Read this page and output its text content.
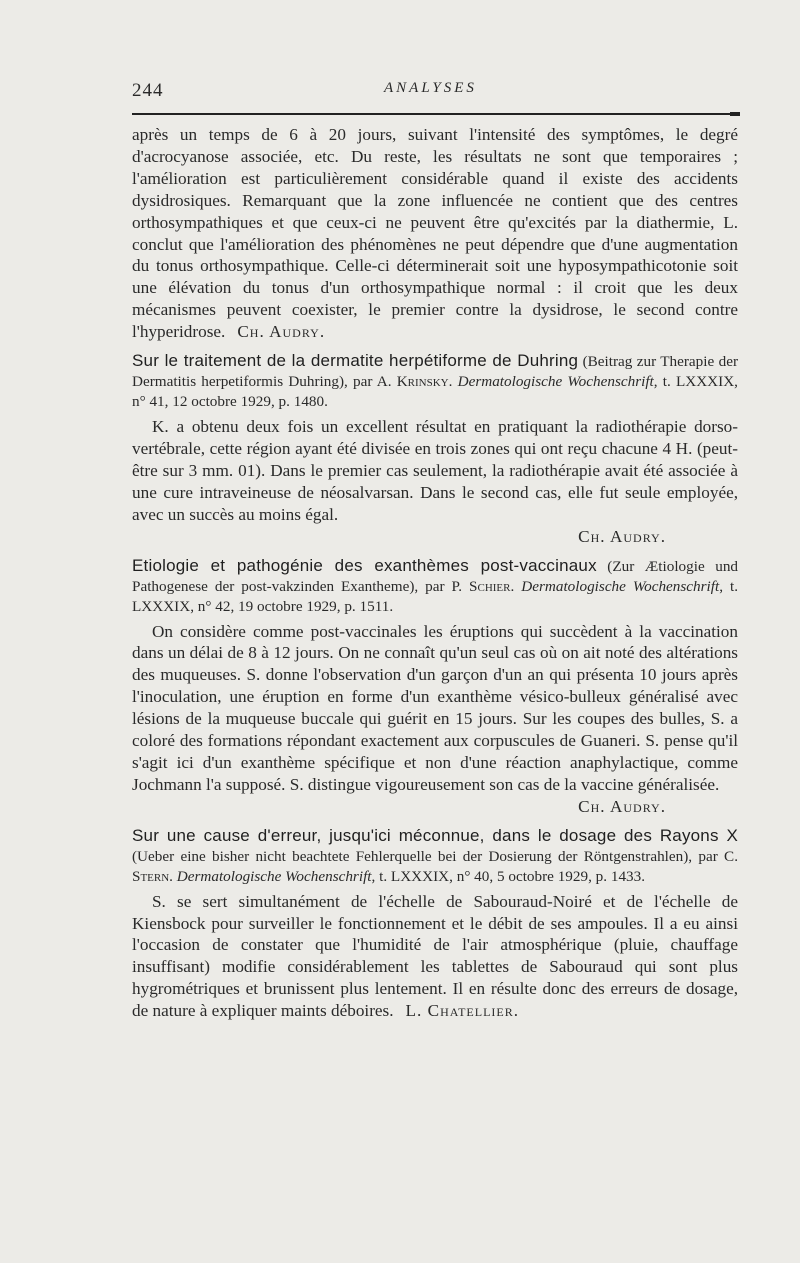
244	ANALYSES

après un temps de 6 à 20 jours, suivant l'intensité des symptômes, le degré d'acrocyanose associée, etc. Du reste, les résultats ne sont que temporaires ; l'amélioration est particulièrement considérable quand il existe des accidents dysidrosiques. Remarquant que la zone influencée ne contient que des centres orthosympathiques et que ceux-ci ne peuvent être qu'excités par la diathermie, L. conclut que l'amélioration des phénomènes ne peut dépendre que d'une augmentation du tonus orthosympathique. Celle-ci déterminerait soit une hyposympathicotonie soit une élévation du tonus d'un orthosympathique normal : il croit que les deux mécanismes peuvent coexister, le premier contre la dysidrose, le second contre l'hyperidrose. Ch. Audry.

Sur le traitement de la dermatite herpétiforme de Duhring (Beitrag zur Therapie der Dermatitis herpetiformis Duhring), par A. Krinsky. Dermatologische Wochenschrift, t. LXXXIX, n° 41, 12 octobre 1929, p. 1480.

K. a obtenu deux fois un excellent résultat en pratiquant la radiothérapie dorso-vertébrale, cette région ayant été divisée en trois zones qui ont reçu chacune 4 H. (peut-être sur 3 mm. 01). Dans le premier cas seulement, la radiothérapie avait été associée à une cure intraveineuse de néosalvarsan. Dans le second cas, elle fut seule employée, avec un succès au moins égal.

Ch. Audry.

Etiologie et pathogénie des exanthèmes post-vaccinaux (Zur Ætiologie und Pathogenese der post-vakzinden Exantheme), par P. Schier. Dermatologische Wochenschrift, t. LXXXIX, n° 42, 19 octobre 1929, p. 1511.

On considère comme post-vaccinales les éruptions qui succèdent à la vaccination dans un délai de 8 à 12 jours. On ne connaît qu'un seul cas où on ait noté des altérations des muqueuses. S. donne l'observation d'un garçon d'un an qui présenta 10 jours après l'inoculation, une éruption en forme d'un exanthème vésico-bulleux généralisé avec lésions de la muqueuse buccale qui guérit en 15 jours. Sur les coupes des bulles, S. a coloré des formations répondant exactement aux corpuscules de Guaneri. S. pense qu'il s'agit ici d'un exanthème spécifique et non d'une réaction anaphylactique, comme Jochmann l'a supposé. S. distingue vigoureusement son cas de la vaccine généralisée.

Ch. Audry.

Sur une cause d'erreur, jusqu'ici méconnue, dans le dosage des Rayons X (Ueber eine bisher nicht beachtete Fehlerquelle bei der Dosierung der Röntgenstrahlen), par C. Stern. Dermatologische Wochenschrift, t. LXXXIX, n° 40, 5 octobre 1929, p. 1433.

S. se sert simultanément de l'échelle de Sabouraud-Noiré et de l'échelle de Kiensbock pour surveiller le fonctionnement et le débit de ses ampoules. Il a eu ainsi l'occasion de constater que l'humidité de l'air atmosphérique (pluie, chauffage insuffisant) modifie considérablement les tablettes de Sabouraud qui sont plus hygrométriques et brunissent plus lentement. Il en résulte donc des erreurs de dosage, de nature à expliquer maints déboires. L. Chatellier.
